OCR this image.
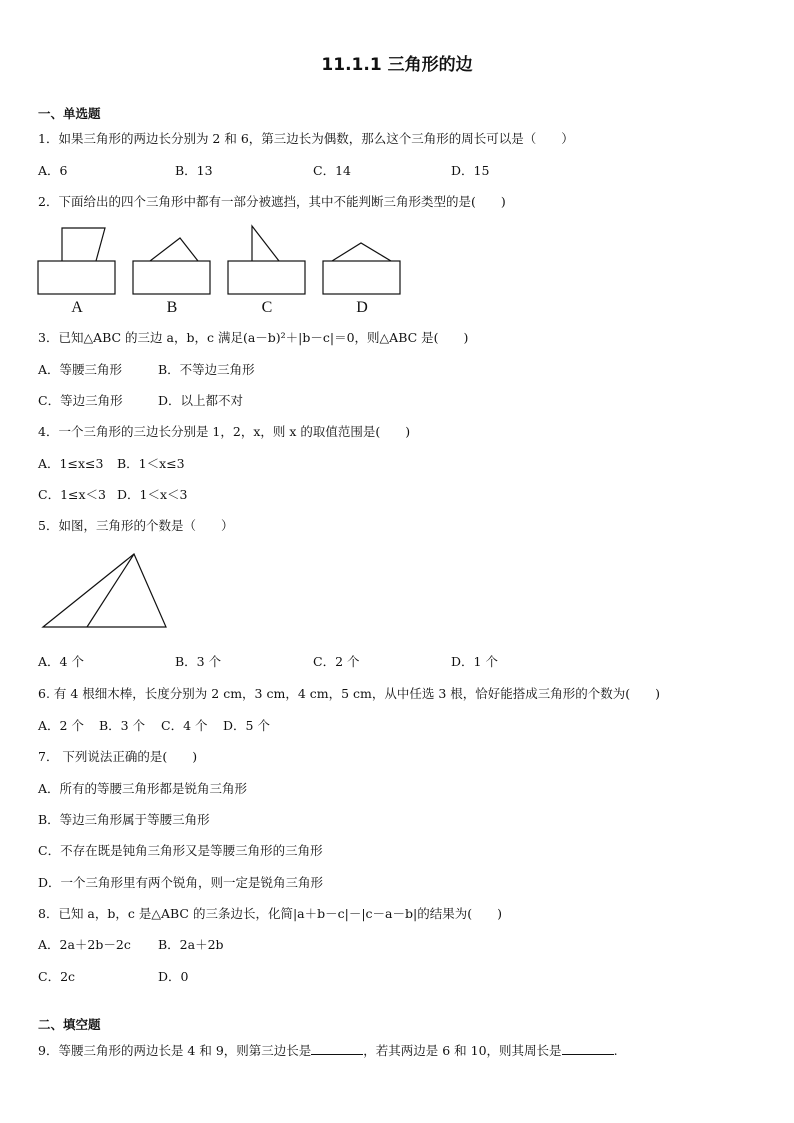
11.1.1 三角形的边
一、单选题
1．如果三角形的两边长分别为 2 和 6，第三边长为偶数，那么这个三角形的周长可以是（　　）
A．6	B．13	C．14	D．15
2．下面给出的四个三角形中都有一部分被遮挡，其中不能判断三角形类型的是(　　)
A	B	C	D
3．已知△ABC 的三边 a，b，c 满足(a－b)²＋|b－c|＝0，则△ABC 是(　　)
A．等腰三角形	B．不等边三角形
C．等边三角形	D．以上都不对
4．一个三角形的三边长分别是 1，2，x，则 x 的取值范围是(　　)
A．1≤x≤3 B．1＜x≤3
C．1≤x＜3 D．1＜x＜3
5．如图，三角形的个数是（　　）
A．4 个	B．3 个	C．2 个	D．1 个
6. 有 4 根细木棒，长度分别为 2 cm，3 cm，4 cm，5 cm，从中任选 3 根，恰好能搭成三角形的个数为(　　)
A．2 个 B．3 个 C．4 个 D．5 个
7． 下列说法正确的是(　　)
A．所有的等腰三角形都是锐角三角形
B．等边三角形属于等腰三角形
C．不存在既是钝角三角形又是等腰三角形的三角形
D．一个三角形里有两个锐角，则一定是锐角三角形
8．已知 a，b，c 是△ABC 的三条边长，化简|a＋b－c|－|c－a－b|的结果为(　　)
A．2a＋2b－2c B．2a＋2b
C．2c	D．0
二、填空题
9．等腰三角形的两边长是 4 和 9，则第三边长是	，若其两边是 6 和 10，则其周长是	.
